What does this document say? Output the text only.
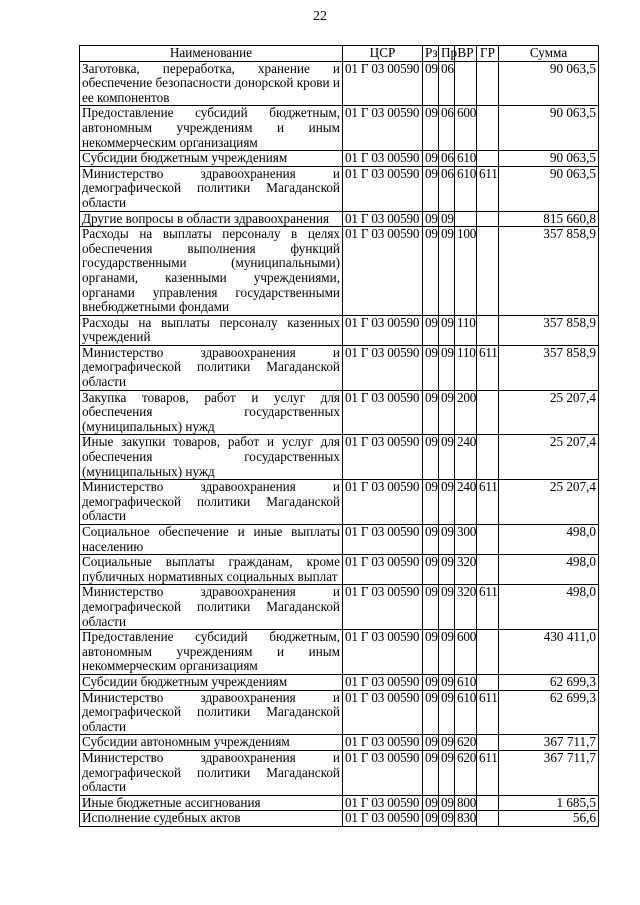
22
Наименование	ЦСР	Рз	Пр	ВР	ГР	Сумма
Заготовка, переработка, хранение и обеспечение безопасности донорской крови и ее компонентов	01 Г 03 00590	09	06			90 063,5
Предоставление субсидий бюджетным, автономным учреждениям и иным некоммерческим организациям	01 Г 03 00590	09	06	600		90 063,5
Субсидии бюджетным учреждениям	01 Г 03 00590	09	06	610		90 063,5
Министерство здравоохранения и демографической политики Магаданской области	01 Г 03 00590	09	06	610	611	90 063,5
Другие вопросы в области здравоохранения	01 Г 03 00590	09	09			815 660,8
Расходы на выплаты персоналу в целях обеспечения выполнения функций государственными (муниципальными) органами, казенными учреждениями, органами управления государственными внебюджетными фондами	01 Г 03 00590	09	09	100		357 858,9
Расходы на выплаты персоналу казенных учреждений	01 Г 03 00590	09	09	110		357 858,9
Министерство здравоохранения и демографической политики Магаданской области	01 Г 03 00590	09	09	110	611	357 858,9
Закупка товаров, работ и услуг для обеспечения государственных (муниципальных) нужд	01 Г 03 00590	09	09	200		25 207,4
Иные закупки товаров, работ и услуг для обеспечения государственных (муниципальных) нужд	01 Г 03 00590	09	09	240		25 207,4
Министерство здравоохранения и демографической политики Магаданской области	01 Г 03 00590	09	09	240	611	25 207,4
Социальное обеспечение и иные выплаты населению	01 Г 03 00590	09	09	300		498,0
Социальные выплаты гражданам, кроме публичных нормативных социальных выплат	01 Г 03 00590	09	09	320		498,0
Министерство здравоохранения и демографической политики Магаданской области	01 Г 03 00590	09	09	320	611	498,0
Предоставление субсидий бюджетным, автономным учреждениям и иным некоммерческим организациям	01 Г 03 00590	09	09	600		430 411,0
Субсидии бюджетным учреждениям	01 Г 03 00590	09	09	610		62 699,3
Министерство здравоохранения и демографической политики Магаданской области	01 Г 03 00590	09	09	610	611	62 699,3
Субсидии автономным учреждениям	01 Г 03 00590	09	09	620		367 711,7
Министерство здравоохранения и демографической политики Магаданской области	01 Г 03 00590	09	09	620	611	367 711,7
Иные бюджетные ассигнования	01 Г 03 00590	09	09	800		1 685,5
Исполнение судебных актов	01 Г 03 00590	09	09	830		56,6
